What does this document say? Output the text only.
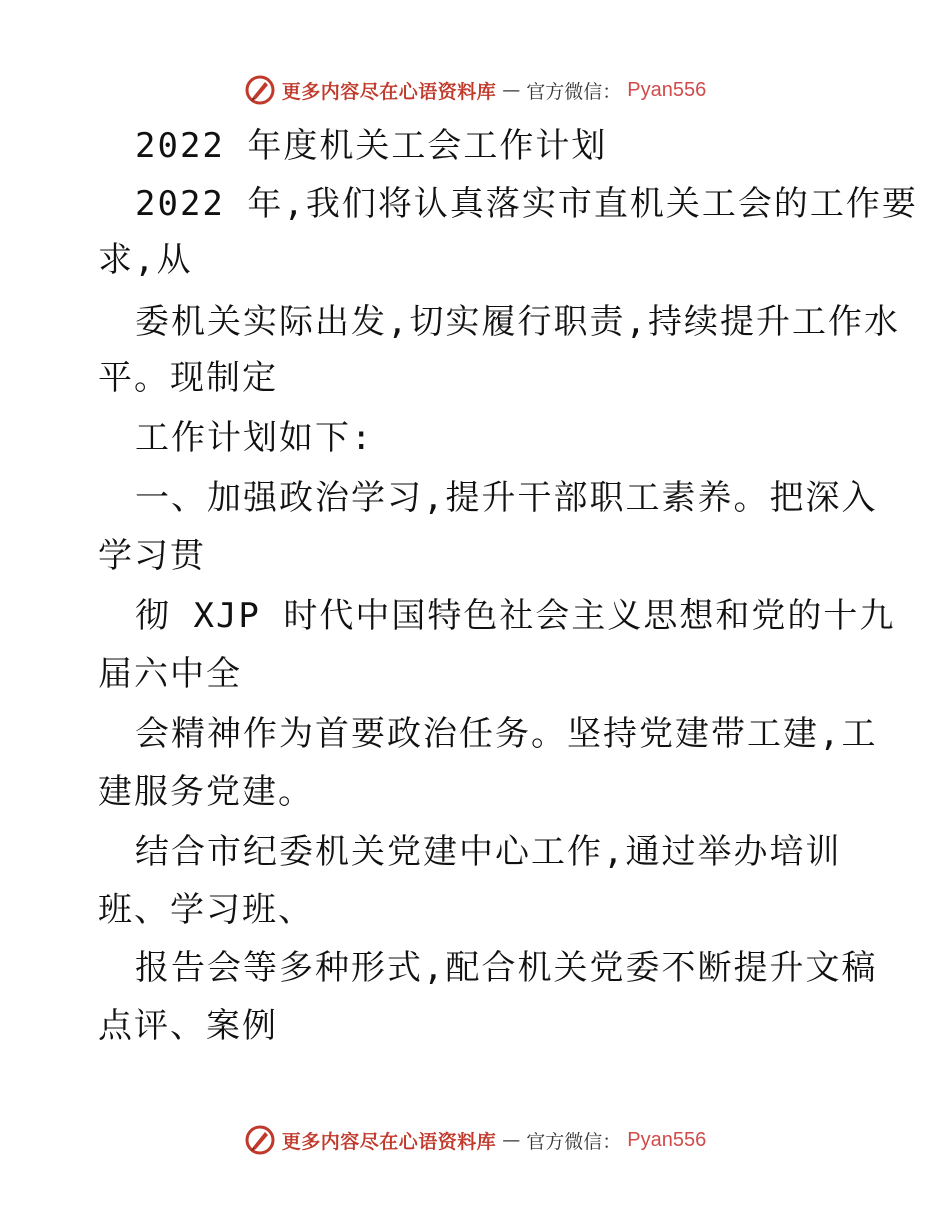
更多内容尽在心语资料库 — 官方微信： Pyan556
2022 年度机关工会工作计划
2022 年,我们将认真落实市直机关工会的工作要
求,从
委机关实际出发,切实履行职责,持续提升工作水
平。现制定
工作计划如下:
一、加强政治学习,提升干部职工素养。把深入
学习贯
彻 XJP 时代中国特色社会主义思想和党的十九
届六中全
会精神作为首要政治任务。坚持党建带工建,工
建服务党建。
结合市纪委机关党建中心工作,通过举办培训
班、学习班、
报告会等多种形式,配合机关党委不断提升文稿
点评、案例
更多内容尽在心语资料库 — 官方微信： Pyan556
